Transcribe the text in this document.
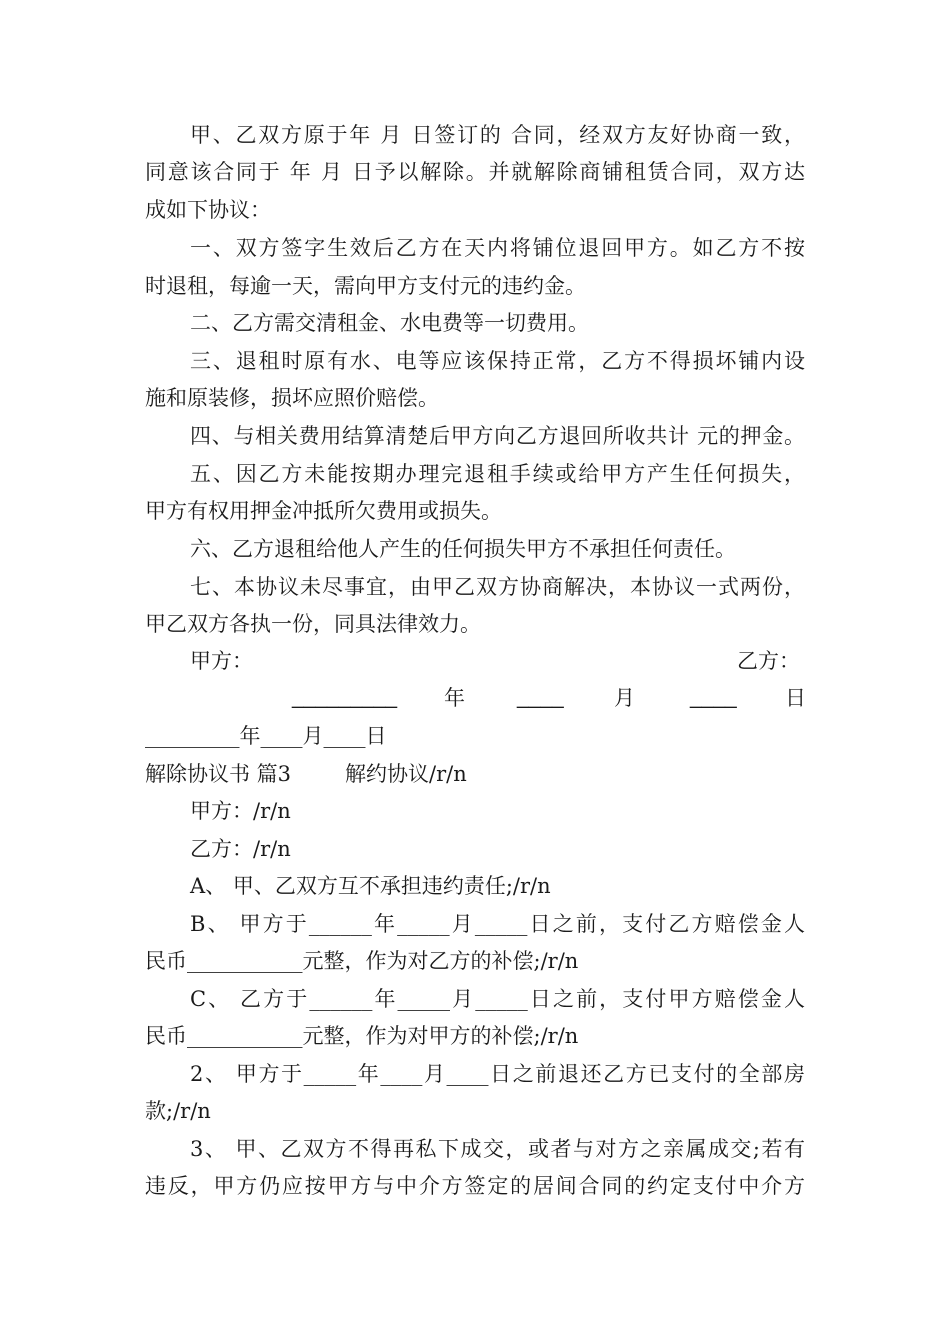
甲、乙双方原于年 月 日签订的 合同，经双方友好协商一致，
同意该合同于 年 月 日予以解除。并就解除商铺租赁合同，双方达
成如下协议：
一、双方签字生效后乙方在天内将铺位退回甲方。如乙方不按
时退租，每逾一天，需向甲方支付元的违约金。
二、乙方需交清租金、水电费等一切费用。
三、退租时原有水、电等应该保持正常，乙方不得损坏铺内设
施和原装修，损坏应照价赔偿。
四、与相关费用结算清楚后甲方向乙方退回所收共计 元的押金。
五、因乙方未能按期办理完退租手续或给甲方产生任何损失，
甲方有权用押金冲抵所欠费用或损失。
六、乙方退租给他人产生的任何损失甲方不承担任何责任。
七、本协议未尽事宜，由甲乙双方协商解决，本协议一式两份，
甲乙双方各执一份，同具法律效力。
甲方：	乙方：
_________ 年	____	月	____	日
_________年____月____日
解除协议书 篇3	解约协议/r/n
甲方：/r/n
乙方：/r/n
A、 甲、乙双方互不承担违约责任;/r/n
B、 甲方于______年_____月_____日之前，支付乙方赔偿金人
民币___________元整，作为对乙方的补偿;/r/n
C、 乙方于______年_____月_____日之前，支付甲方赔偿金人
民币___________元整，作为对甲方的补偿;/r/n
2、 甲方于_____年____月____日之前退还乙方已支付的全部房
款;/r/n
3、 甲、乙双方不得再私下成交，或者与对方之亲属成交;若有
违反，甲方仍应按甲方与中介方签定的居间合同的约定支付中介方
